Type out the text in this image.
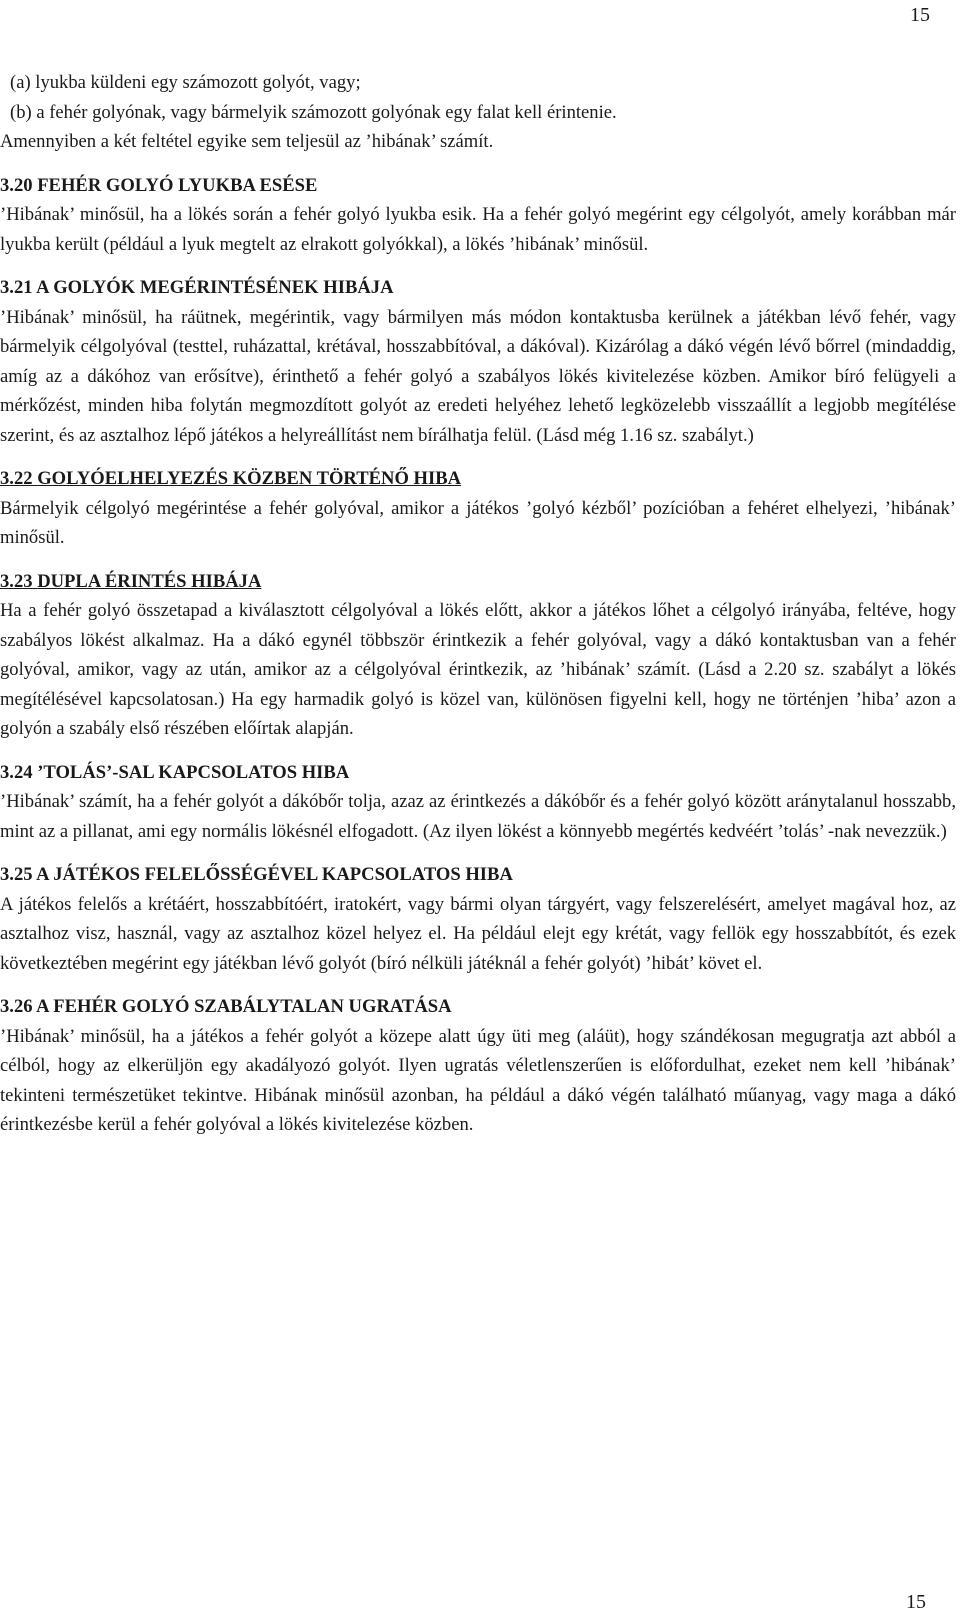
15

(a) lyukba küldeni egy számozott golyót, vagy;

(b) a fehér golyónak, vagy bármelyik számozott golyónak egy falat kell érintenie.

Amennyiben a két feltétel egyike sem teljesül az ’hibának’ számít.

3.20 FEHÉR GOLYÓ LYUKBA ESÉSE

’Hibának’ minősül, ha a lökés során a fehér golyó lyukba esik. Ha a fehér golyó megérint egy célgolyót, amely korábban már lyukba került (például a lyuk megtelt az elrakott golyókkal), a lökés ’hibának’ minősül.

3.21 A GOLYÓK MEGÉRINTÉSÉNEK HIBÁJA

’Hibának’ minősül, ha ráütnek, megérintik, vagy bármilyen más módon kontaktusba kerülnek a játékban lévő fehér, vagy bármelyik célgolyóval (testtel, ruházattal, krétával, hosszabbítóval, a dákóval). Kizárólag a dákó végén lévő bőrrel (mindaddig, amíg az a dákóhoz van erősítve), érinthető a fehér golyó a szabályos lökés kivitelezése közben. Amikor bíró felügyeli a mérkőzést, minden hiba folytán megmozdított golyót az eredeti helyéhez lehető legközelebb visszaállít a legjobb megítélése szerint, és az asztalhoz lépő játékos a helyreállítást nem bírálhatja felül. (Lásd még 1.16 sz. szabályt.)

3.22 GOLYÓELHELYEZÉS KÖZBEN TÖRTÉNŐ HIBA

Bármelyik célgolyó megérintése a fehér golyóval, amikor a játékos ’golyó kézből’ pozícióban a fehéret elhelyezi, ’hibának’ minősül.

3.23 DUPLA ÉRINTÉS HIBÁJA

Ha a fehér golyó összetapad a kiválasztott célgolyóval a lökés előtt, akkor a játékos lőhet a célgolyó irányába, feltéve, hogy szabályos lökést alkalmaz. Ha a dákó egynél többször érintkezik a fehér golyóval, vagy a dákó kontaktusban van a fehér golyóval, amikor, vagy az után, amikor az a célgolyóval érintkezik, az ’hibának’ számít. (Lásd a 2.20 sz. szabályt a lökés megítélésével kapcsolatosan.) Ha egy harmadik golyó is közel van, különösen figyelni kell, hogy ne történjen ’hiba’ azon a golyón a szabály első részében előírtak alapján.

3.24 ’TOLÁS’-SAL KAPCSOLATOS HIBA

’Hibának’ számít, ha a fehér golyót a dákóbőr tolja, azaz az érintkezés a dákóbőr és a fehér golyó között aránytalanul hosszabb, mint az a pillanat, ami egy normális lökésnél elfogadott. (Az ilyen lökést a könnyebb megértés kedvéért ’tolás’ -nak nevezzük.)

3.25 A JÁTÉKOS FELELŐSSÉGÉVEL KAPCSOLATOS HIBA

A játékos felelős a krétáért, hosszabbítóért, iratokért, vagy bármi olyan tárgyért, vagy felszerelésért, amelyet magával hoz, az asztalhoz visz, használ, vagy az asztalhoz közel helyez el. Ha például elejt egy krétát, vagy fellök egy hosszabbítót, és ezek következtében megérint egy játékban lévő golyót (bíró nélküli játéknál a fehér golyót) ’hibát’ követ el.

3.26 A FEHÉR GOLYÓ SZABÁLYTALAN UGRATÁSA

’Hibának’ minősül, ha a játékos a fehér golyót a közepe alatt úgy üti meg (aláüt), hogy szándékosan megugratja azt abból a célból, hogy az elkerüljön egy akadályozó golyót. Ilyen ugratás véletlenszerűen is előfordulhat, ezeket nem kell ’hibának’ tekinteni természetüket tekintve. Hibának minősül azonban, ha például a dákó végén található műanyag, vagy maga a dákó érintkezésbe kerül a fehér golyóval a lökés kivitelezése közben.

15
